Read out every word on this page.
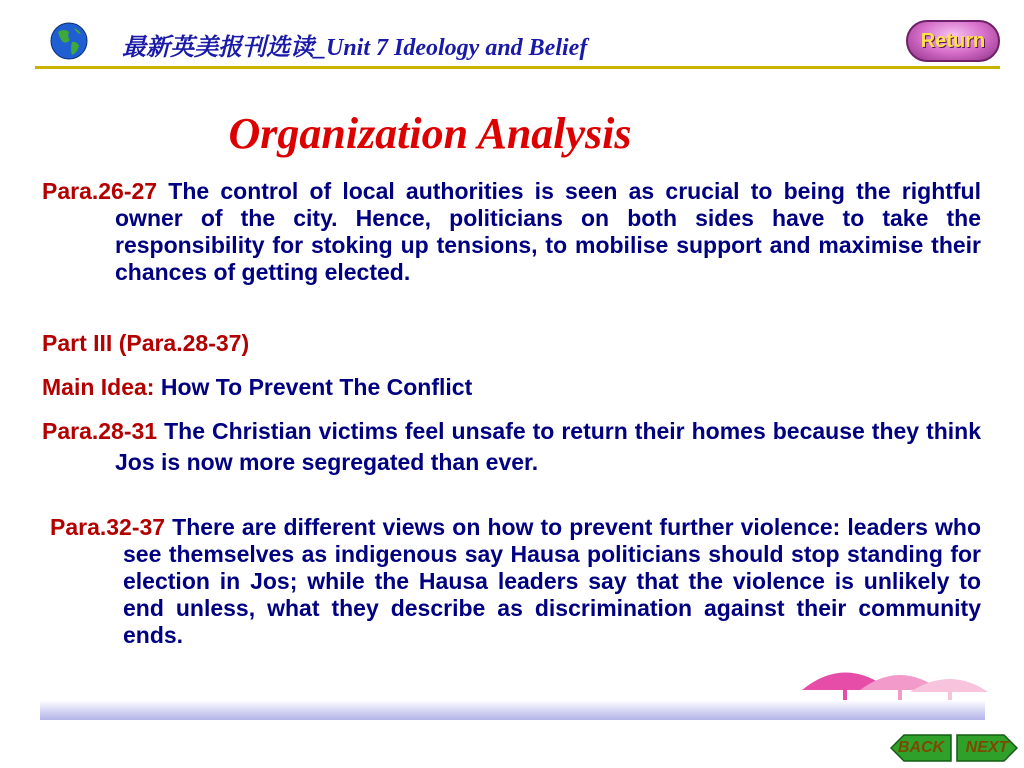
最新英美报刊选读_Unit 7 Ideology and Belief	Return
Organization Analysis
Para.26-27 The control of local authorities is seen as crucial to being the rightful owner of the city. Hence, politicians on both sides have to take the responsibility for stoking up tensions, to mobilise support and maximise their chances of getting elected.
Part III (Para.28-37)
Main Idea: How To Prevent The Conflict
Para.28-31 The Christian victims feel unsafe to return their homes because they think Jos is now more segregated than ever.
Para.32-37 There are different views on how to prevent further violence: leaders who see themselves as indigenous say Hausa politicians should stop standing for election in Jos; while the Hausa leaders say that the violence is unlikely to end unless, what they describe as discrimination against their community ends.
BACK	NEXT
